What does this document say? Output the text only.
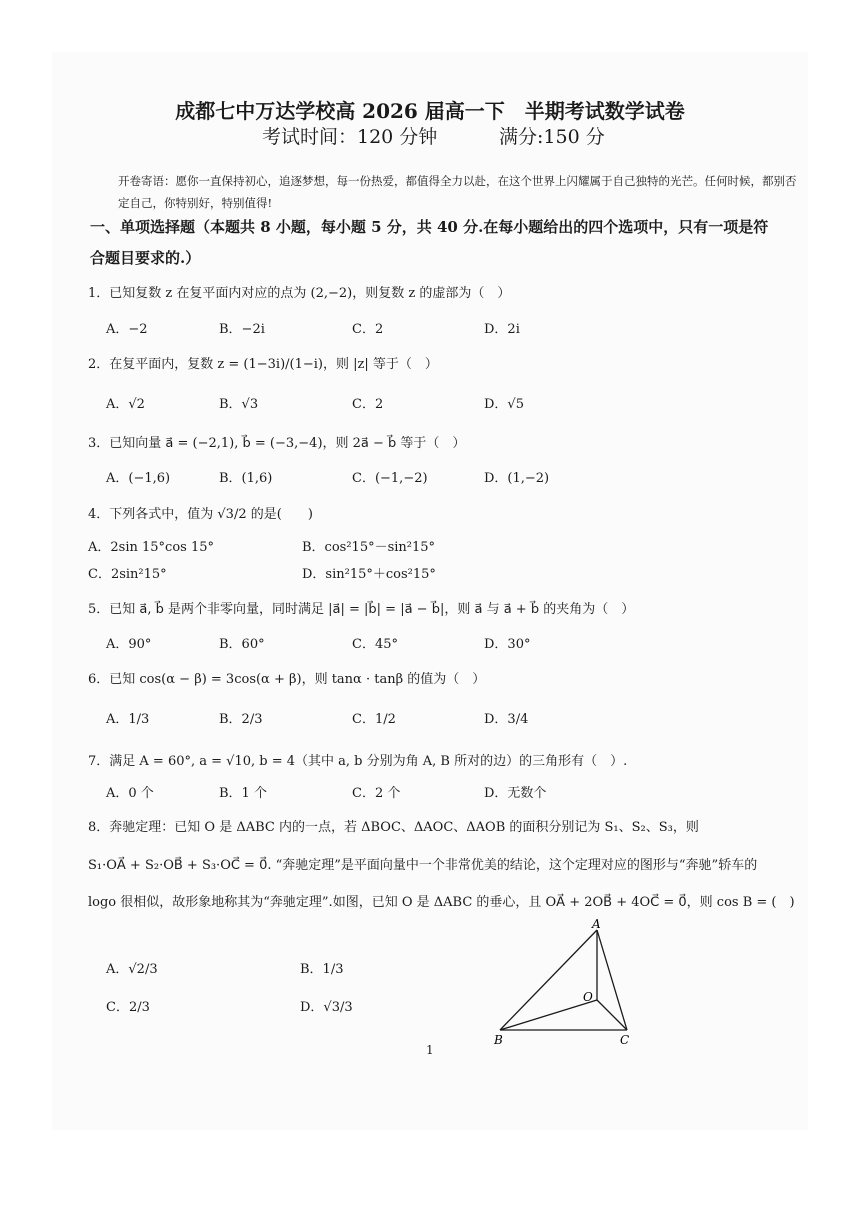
成都七中万达学校高 2026 届高一下　半期考试数学试卷
考试时间：120 分钟	满分:150 分
开卷寄语：愿你一直保持初心，追逐梦想，每一份热爱，都值得全力以赴，在这个世界上闪耀属于自己独特的光芒。任何时候，都别否定自己，你特别好，特别值得!
一、单项选择题（本题共 8 小题，每小题 5 分，共 40 分.在每小题给出的四个选项中，只有一项是符合题目要求的.）
1．已知复数 z 在复平面内对应的点为 (2,−2)，则复数 z 的虚部为（　）
A．−2	B．−2i	C．2	D．2i
2．在复平面内，复数 z = (1−3i)/(1−i)，则 |z| 等于（　）
A．√2	B．√3	C．2	D．√5
3．已知向量 a⃗ = (−2,1), b⃗ = (−3,−4)，则 2a⃗ − b⃗ 等于（　）
A．(−1,6)	B．(1,6)	C．(−1,−2)	D．(1,−2)
4．下列各式中，值为 √3/2 的是(　　)
A．2sin 15°cos 15°	B．cos²15°－sin²15°
C．2sin²15°	D．sin²15°＋cos²15°
5．已知 a⃗, b⃗ 是两个非零向量，同时满足 |a⃗| = |b⃗| = |a⃗ − b⃗|，则 a⃗ 与 a⃗ + b⃗ 的夹角为（　）
A．90°	B．60°	C．45°	D．30°
6．已知 cos(α − β) = 3cos(α + β)，则 tanα · tanβ 的值为（　）
A．1/3	B．2/3	C．1/2	D．3/4
7．满足 A = 60°, a = √10, b = 4（其中 a, b 分别为角 A, B 所对的边）的三角形有（　）.
A．0 个	B．1 个	C．2 个	D．无数个
8．奔驰定理：已知 O 是 ΔABC 内的一点，若 ΔBOC、ΔAOC、ΔAOB 的面积分别记为 S₁、S₂、S₃，则
S₁·OA⃗ + S₂·OB⃗ + S₃·OC⃗ = 0⃗. “奔驰定理”是平面向量中一个非常优美的结论，这个定理对应的图形与“奔驰”轿车的
logo 很相似，故形象地称其为“奔驰定理”.如图，已知 O 是 ΔABC 的垂心，且 OA⃗ + 2OB⃗ + 4OC⃗ = 0⃗，则 cos B = (　)
A．√2/3	B．1/3
C．2/3	D．√3/3
A
O
B	C
1
